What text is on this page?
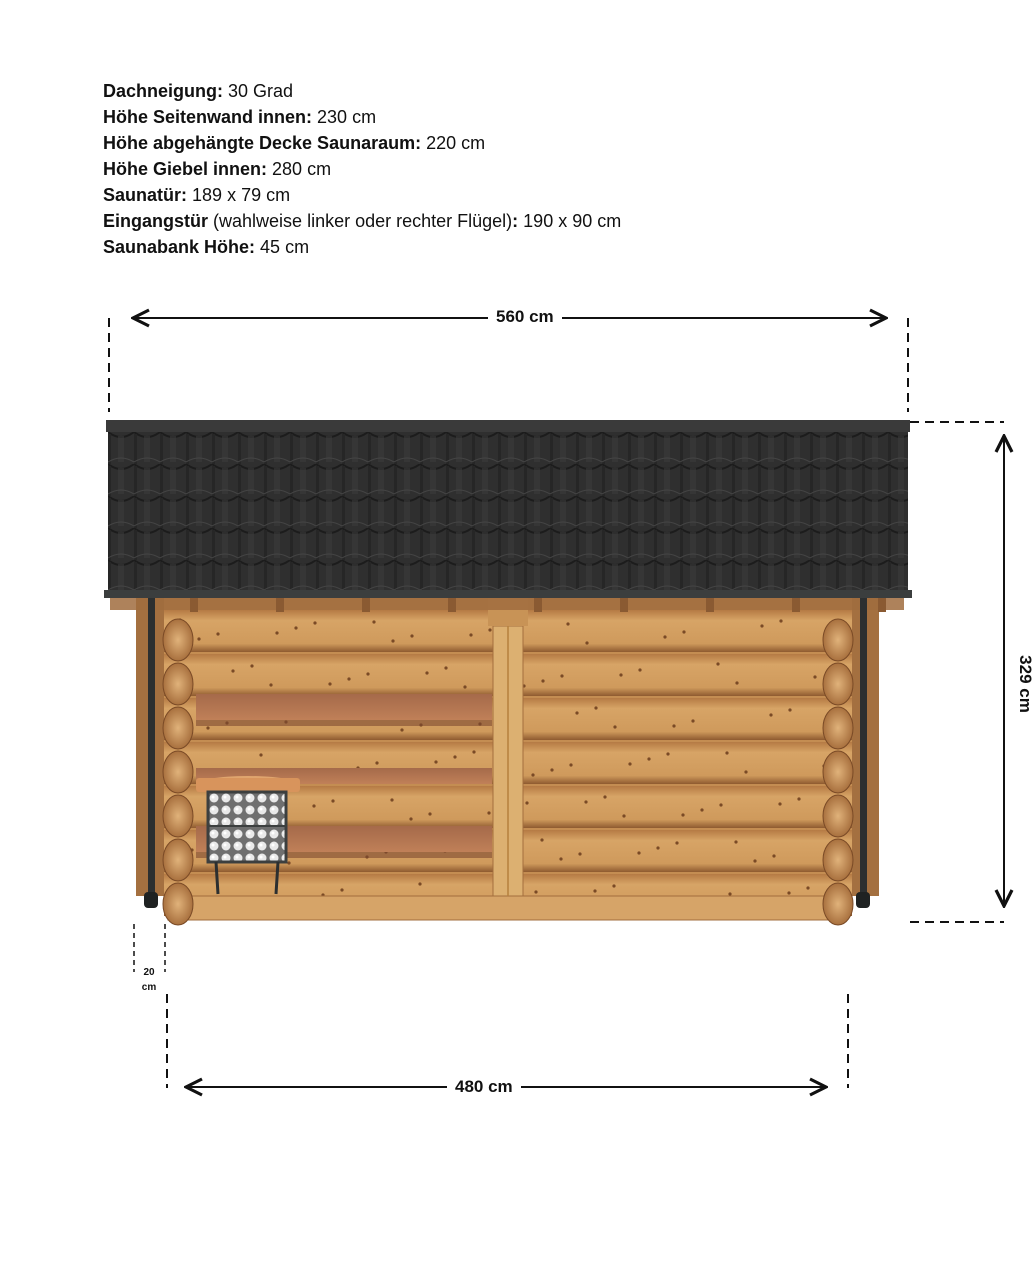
Dachneigung: 30 Grad
Höhe Seitenwand innen: 230 cm
Höhe abgehängte Decke Saunaraum: 220 cm
Höhe Giebel innen: 280 cm
Saunatür: 189 x 79 cm
Eingangstür (wahlweise linker oder rechter Flügel): 190 x 90 cm
Saunabank Höhe: 45 cm
560 cm
480 cm
329 cm
20
cm
